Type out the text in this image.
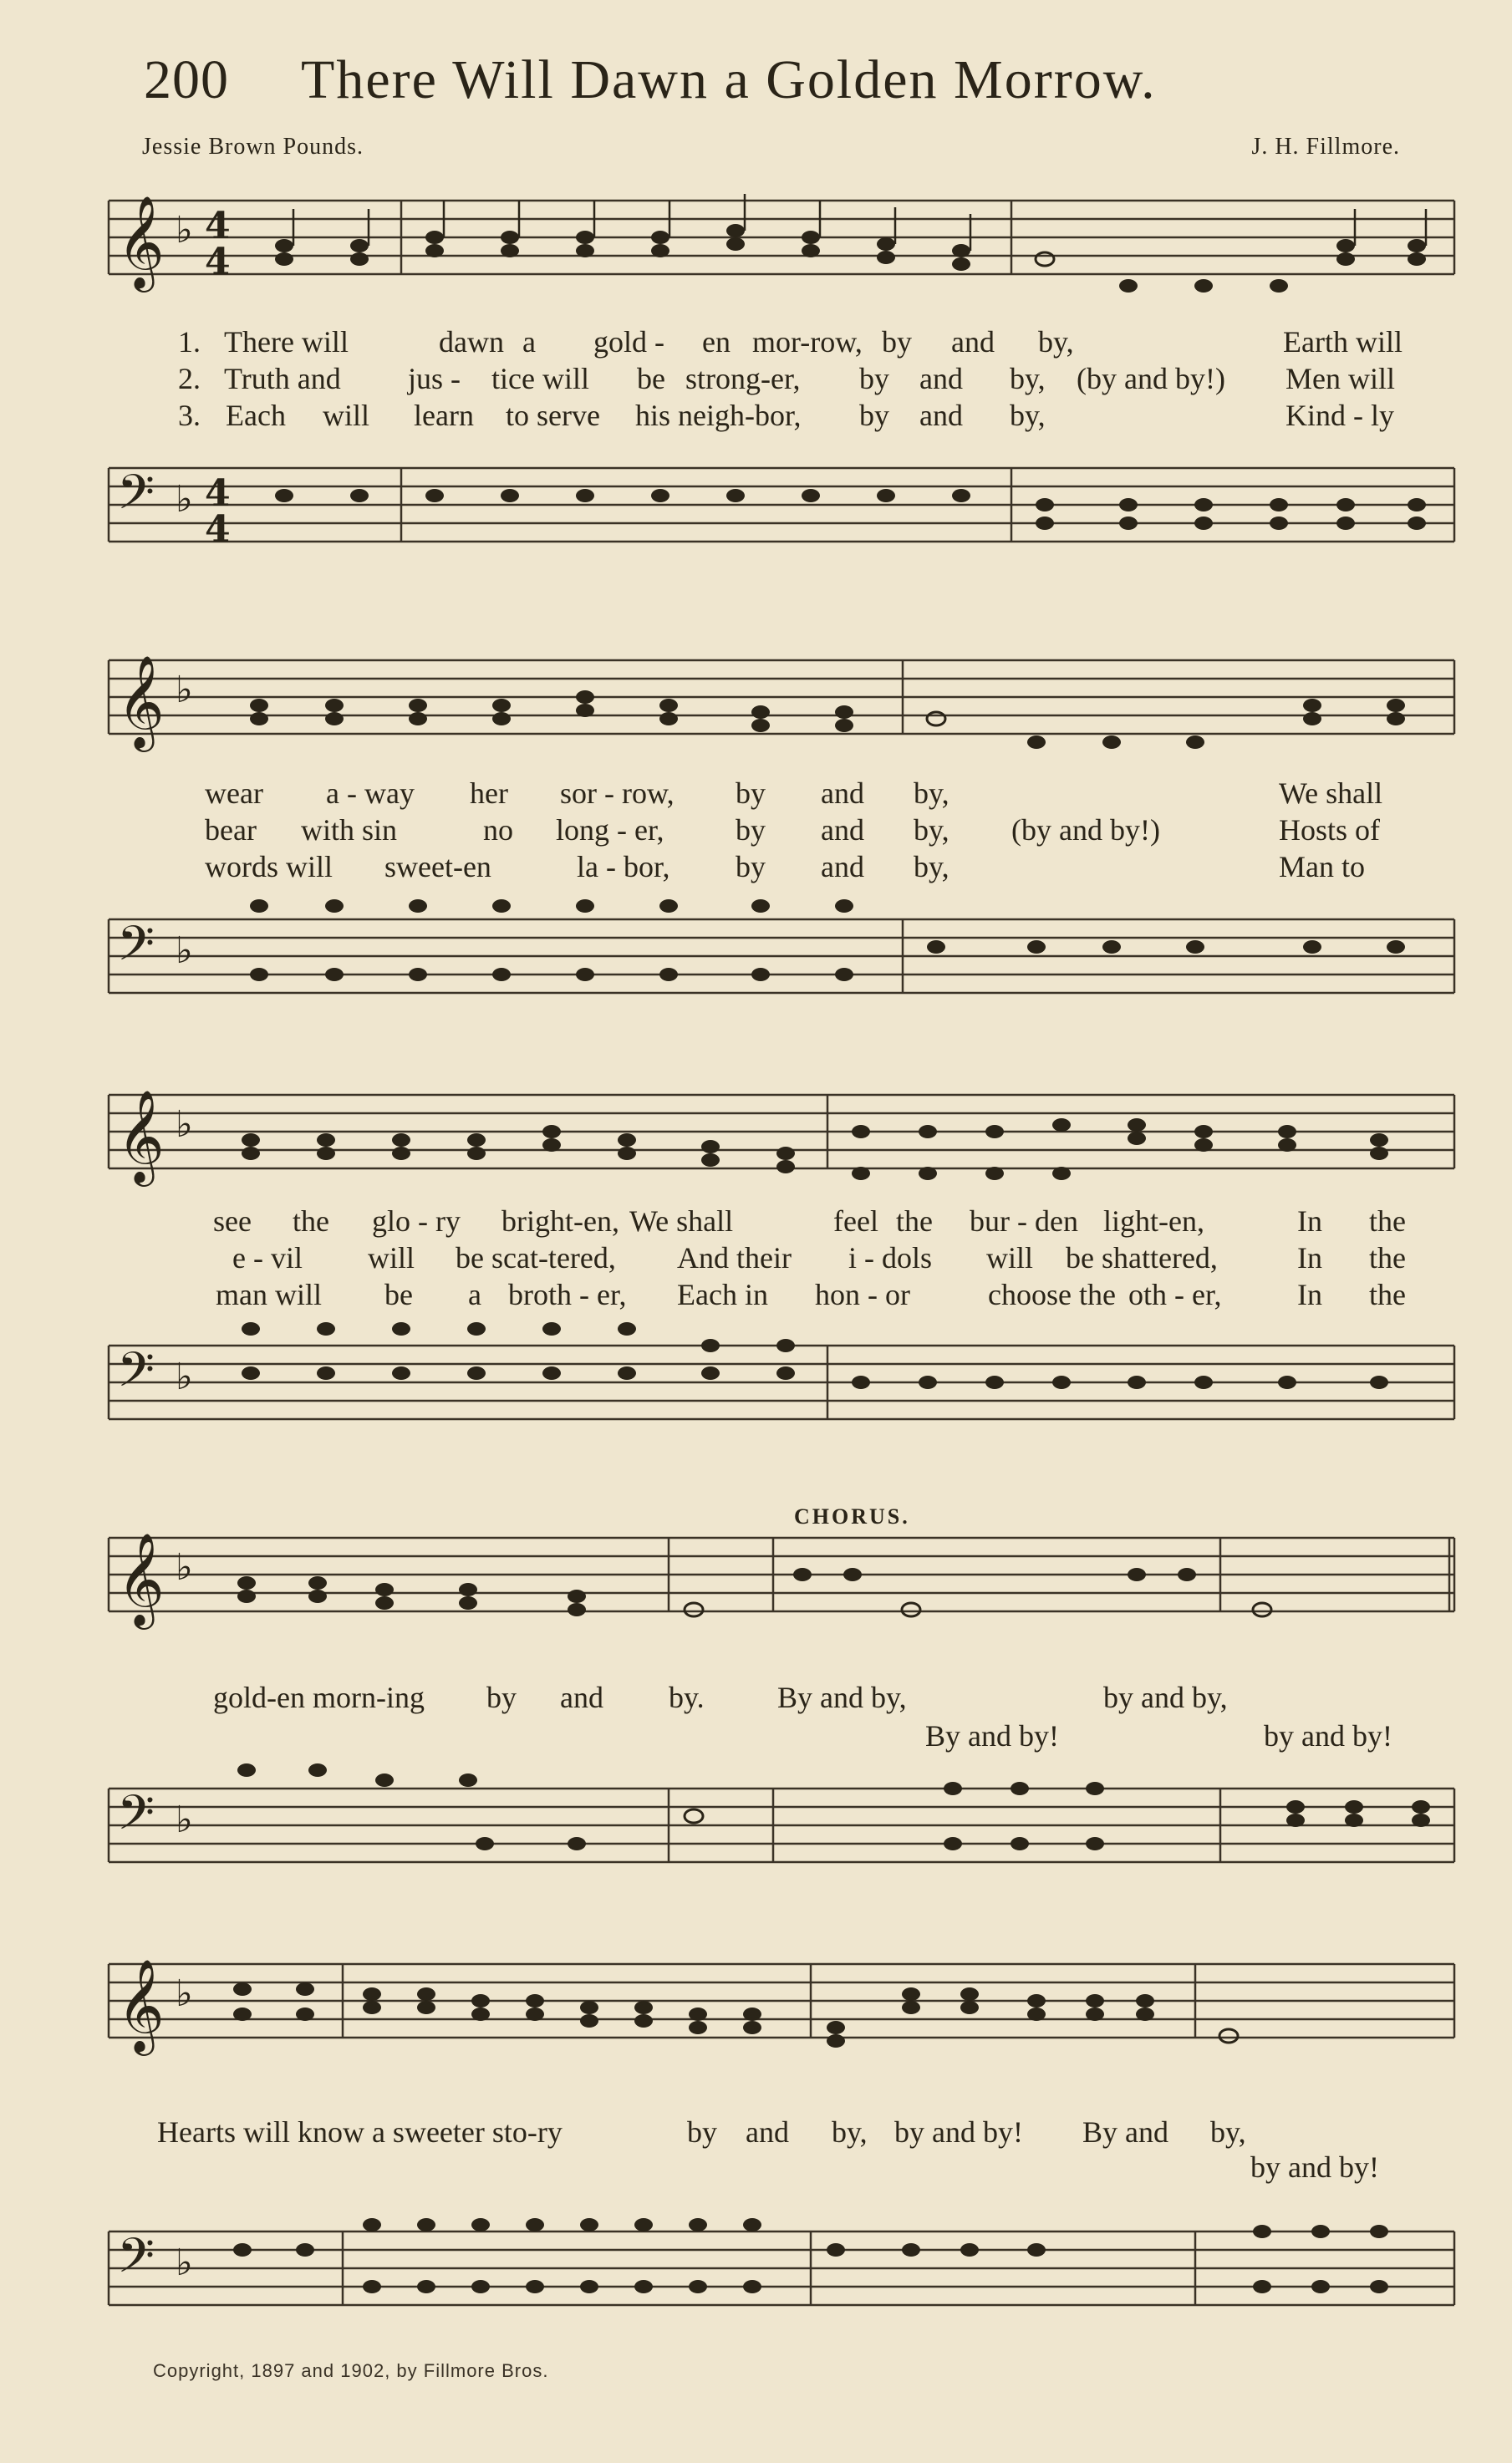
200 There Will Dawn a Golden Morrow.
Jessie Brown Pounds.	J. H. Fillmore.
𝄞 ♭ 4
4
1. There will	dawn a gold - en mor-row, by and by,	Earth will
2. Truth and jus - tice will be strong-er, by and by, (by and by!) Men will
3. Each will learn to serve his neigh-bor, by and by,	Kind - ly
𝄢 ♭ 4
4
𝄞 ♭
wear a - way her sor - row, by and by,	We shall
bear with sin	no long - er, by and by, (by and by!)	Hosts of
words will sweet-en	la - bor, by and by,	Man to
𝄢 ♭
𝄞 ♭
see the glo - ry bright-en, We shall	feel the bur - den light-en,	In the
e - vil will be scat-tered, And their i - dols will be shattered,	In the
man will be a broth - er, Each in hon - or	choose the oth - er,	In the
𝄢 ♭
CHORUS.
𝄞 ♭
gold-en morn-ing by and by. By and by,	by and by,
By and by!	by and by!
𝄢 ♭
𝄞 ♭
Hearts will know a sweeter sto-ry	by and by, by and by! By and by,
by and by!
𝄢 ♭
Copyright, 1897 and 1902, by Fillmore Bros.
